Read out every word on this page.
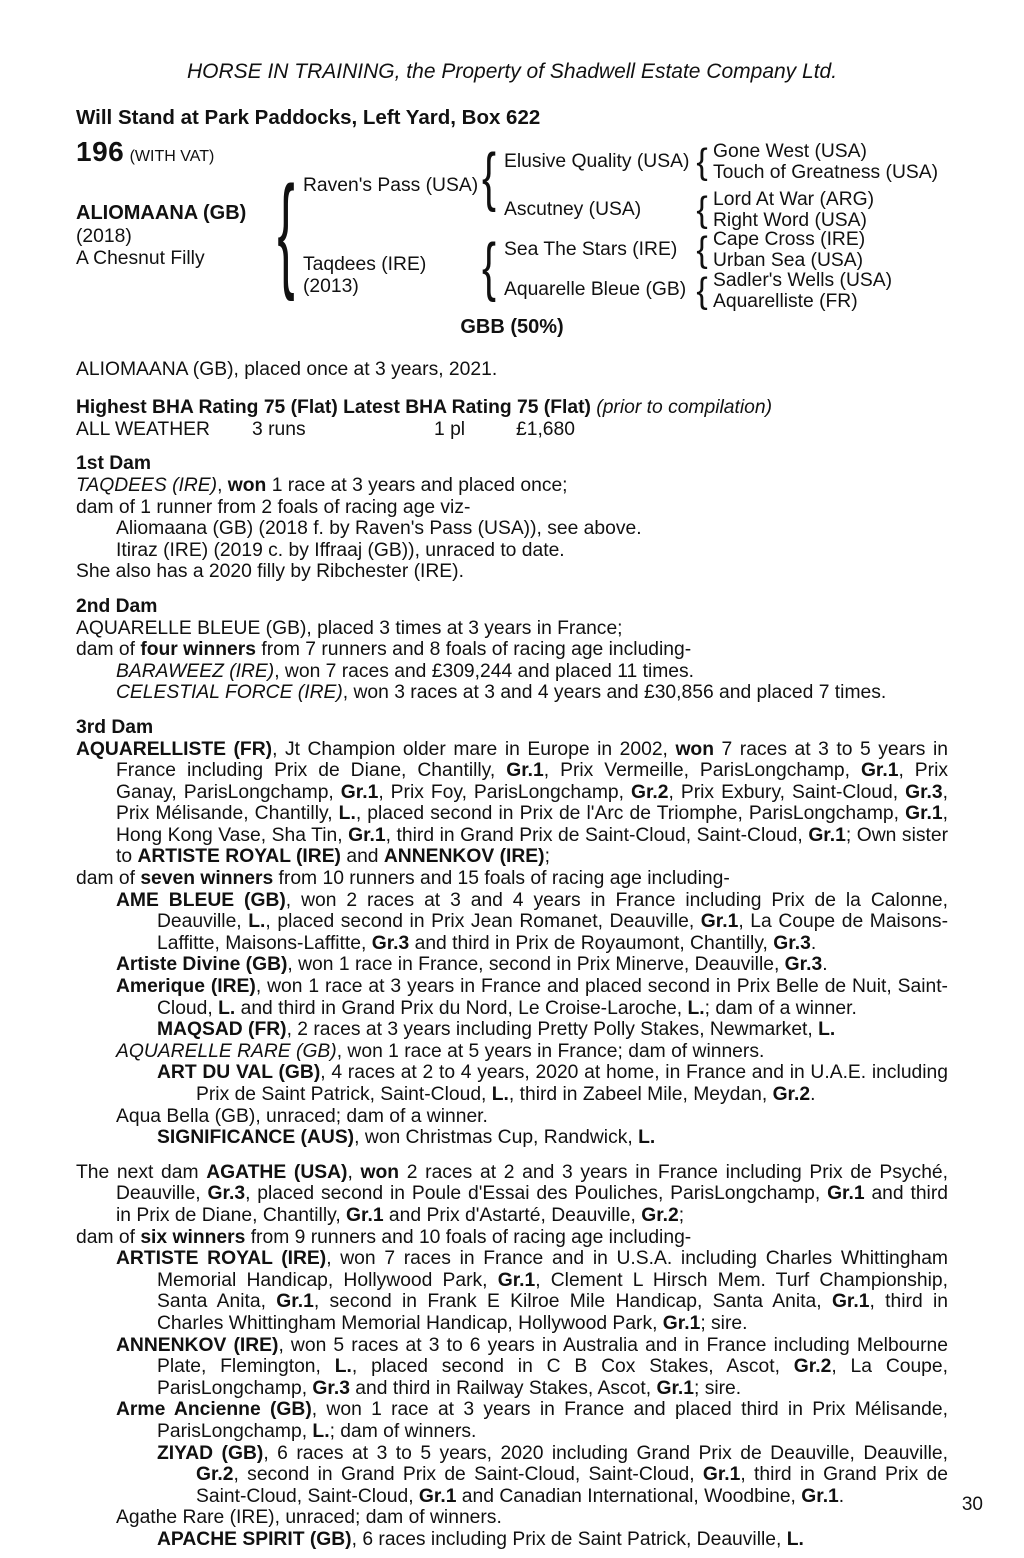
HORSE IN TRAINING, the Property of Shadwell Estate Company Ltd.
Will Stand at Park Paddocks, Left Yard, Box 622
196 (WITH VAT)
ALIOMAANA (GB)
(2018)
A Chesnut Filly {	{
{
{
{
{
{
Raven's Pass (USA)
Taqdees (IRE)
(2013)
Elusive Quality (USA)
Ascutney (USA)
Sea The Stars (IRE)
Aquarelle Bleue (GB)
Gone West (USA)
Touch of Greatness (USA)
Lord At War (ARG)
Right Word (USA)
Cape Cross (IRE)
Urban Sea (USA)
Sadler's Wells (USA)
Aquarelliste (FR)
GBB (50%)
ALIOMAANA (GB), placed once at 3 years, 2021.
Highest BHA Rating 75 (Flat) Latest BHA Rating 75 (Flat) (prior to compilation)
ALL WEATHER 3 runs	1 pl	£1,680
1st Dam

TAQDEES (IRE), won 1 race at 3 years and placed once;

dam of 1 runner from 2 foals of racing age viz-

Aliomaana (GB) (2018 f. by Raven's Pass (USA)), see above.

Itiraz (IRE) (2019 c. by Iffraaj (GB)), unraced to date.

She also has a 2020 filly by Ribchester (IRE).

2nd Dam

AQUARELLE BLEUE (GB), placed 3 times at 3 years in France;

dam of four winners from 7 runners and 8 foals of racing age including-

BARAWEEZ (IRE), won 7 races and £309,244 and placed 11 times.

CELESTIAL FORCE (IRE), won 3 races at 3 and 4 years and £30,856 and placed 7 times.

3rd Dam

AQUARELLISTE (FR), Jt Champion older mare in Europe in 2002, won 7 races at 3 to 5 years in France including Prix de Diane, Chantilly, Gr.1, Prix Vermeille, ParisLongchamp, Gr.1, Prix Ganay, ParisLongchamp, Gr.1, Prix Foy, ParisLongchamp, Gr.2, Prix Exbury, Saint-Cloud, Gr.3, Prix Mélisande, Chantilly, L., placed second in Prix de l'Arc de Triomphe, ParisLongchamp, Gr.1, Hong Kong Vase, Sha Tin, Gr.1, third in Grand Prix de Saint-Cloud, Saint-Cloud, Gr.1; Own sister to ARTISTE ROYAL (IRE) and ANNENKOV (IRE);

dam of seven winners from 10 runners and 15 foals of racing age including-

AME BLEUE (GB), won 2 races at 3 and 4 years in France including Prix de la Calonne, Deauville, L., placed second in Prix Jean Romanet, Deauville, Gr.1, La Coupe de Maisons-Laffitte, Maisons-Laffitte, Gr.3 and third in Prix de Royaumont, Chantilly, Gr.3.

Artiste Divine (GB), won 1 race in France, second in Prix Minerve, Deauville, Gr.3.

Amerique (IRE), won 1 race at 3 years in France and placed second in Prix Belle de Nuit, Saint-Cloud, L. and third in Grand Prix du Nord, Le Croise-Laroche, L.; dam of a winner.

MAQSAD (FR), 2 races at 3 years including Pretty Polly Stakes, Newmarket, L.

AQUARELLE RARE (GB), won 1 race at 5 years in France; dam of winners.

ART DU VAL (GB), 4 races at 2 to 4 years, 2020 at home, in France and in U.A.E. including Prix de Saint Patrick, Saint-Cloud, L., third in Zabeel Mile, Meydan, Gr.2.

Aqua Bella (GB), unraced; dam of a winner.

SIGNIFICANCE (AUS), won Christmas Cup, Randwick, L.

The next dam AGATHE (USA), won 2 races at 2 and 3 years in France including Prix de Psyché, Deauville, Gr.3, placed second in Poule d'Essai des Pouliches, ParisLongchamp, Gr.1 and third in Prix de Diane, Chantilly, Gr.1 and Prix d'Astarté, Deauville, Gr.2;

dam of six winners from 9 runners and 10 foals of racing age including-

ARTISTE ROYAL (IRE), won 7 races in France and in U.S.A. including Charles Whittingham Memorial Handicap, Hollywood Park, Gr.1, Clement L Hirsch Mem. Turf Championship, Santa Anita, Gr.1, second in Frank E Kilroe Mile Handicap, Santa Anita, Gr.1, third in Charles Whittingham Memorial Handicap, Hollywood Park, Gr.1; sire.

ANNENKOV (IRE), won 5 races at 3 to 6 years in Australia and in France including Melbourne Plate, Flemington, L., placed second in C B Cox Stakes, Ascot, Gr.2, La Coupe, ParisLongchamp, Gr.3 and third in Railway Stakes, Ascot, Gr.1; sire.

Arme Ancienne (GB), won 1 race at 3 years in France and placed third in Prix Mélisande, ParisLongchamp, L.; dam of winners.

ZIYAD (GB), 6 races at 3 to 5 years, 2020 including Grand Prix de Deauville, Deauville, Gr.2, second in Grand Prix de Saint-Cloud, Saint-Cloud, Gr.1, third in Grand Prix de Saint-Cloud, Saint-Cloud, Gr.1 and Canadian International, Woodbine, Gr.1.

Agathe Rare (IRE), unraced; dam of winners.

APACHE SPIRIT (GB), 6 races including Prix de Saint Patrick, Deauville, L.

30
